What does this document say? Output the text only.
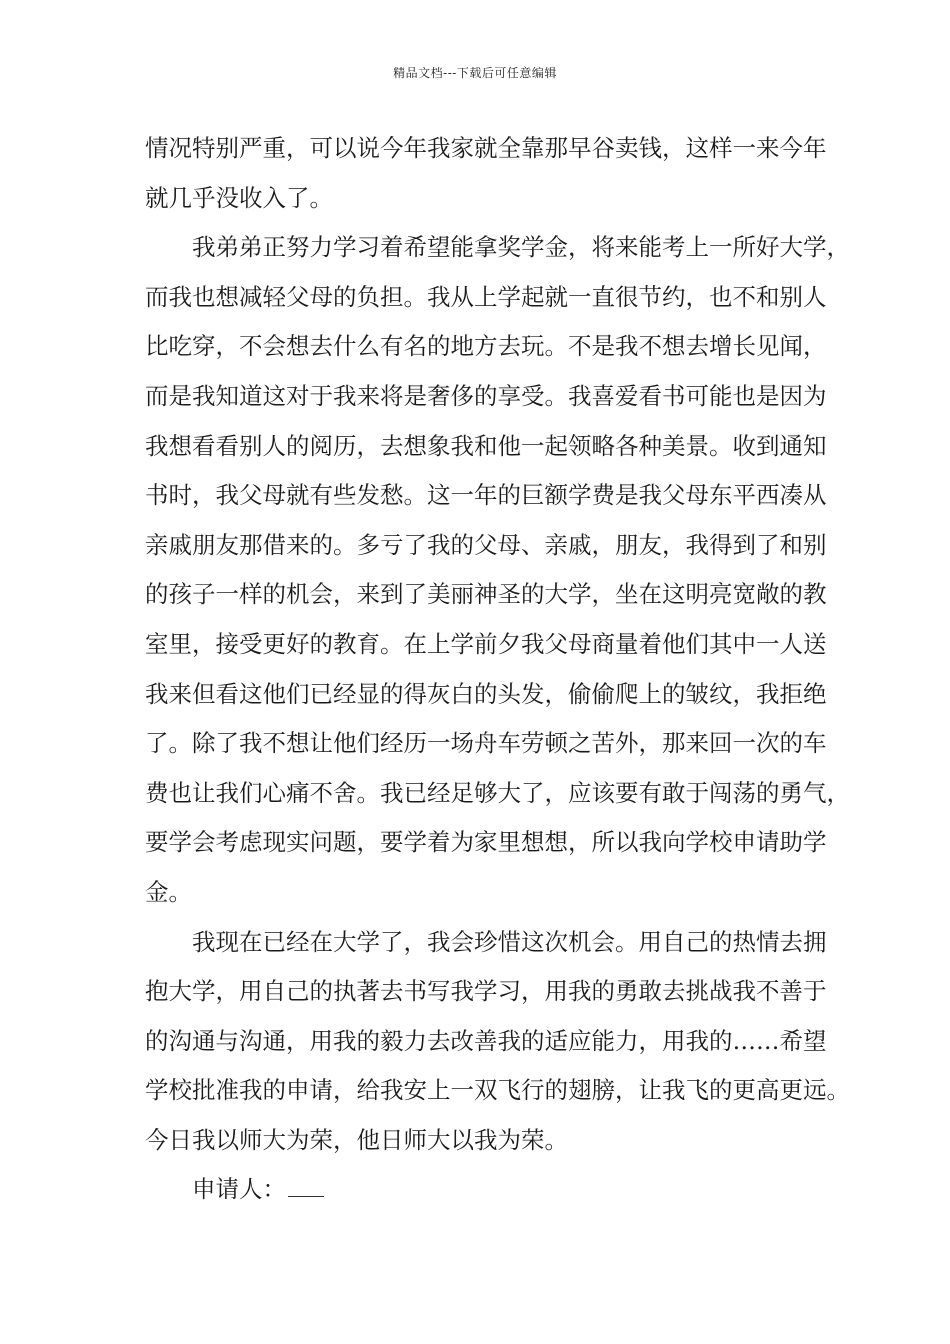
精品文档---下载后可任意编辑

情况特别严重，可以说今年我家就全靠那早谷卖钱，这样一来今年
就几乎没收入了。

我弟弟正努力学习着希望能拿奖学金，将来能考上一所好大学，
而我也想减轻父母的负担。我从上学起就一直很节约，也不和别人
比吃穿，不会想去什么有名的地方去玩。不是我不想去增长见闻，
而是我知道这对于我来将是奢侈的享受。我喜爱看书可能也是因为
我想看看别人的阅历，去想象我和他一起领略各种美景。收到通知
书时，我父母就有些发愁。这一年的巨额学费是我父母东平西凑从
亲戚朋友那借来的。多亏了我的父母、亲戚，朋友，我得到了和别
的孩子一样的机会，来到了美丽神圣的大学，坐在这明亮宽敞的教
室里，接受更好的教育。在上学前夕我父母商量着他们其中一人送
我来但看这他们已经显的得灰白的头发，偷偷爬上的皱纹，我拒绝
了。除了我不想让他们经历一场舟车劳顿之苦外，那来回一次的车
费也让我们心痛不舍。我已经足够大了，应该要有敢于闯荡的勇气，
要学会考虑现实问题，要学着为家里想想，所以我向学校申请助学
金。

我现在已经在大学了，我会珍惜这次机会。用自己的热情去拥
抱大学，用自己的执著去书写我学习，用我的勇敢去挑战我不善于
的沟通与沟通，用我的毅力去改善我的适应能力，用我的……希望
学校批准我的申请，给我安上一双飞行的翅膀，让我飞的更高更远。
今日我以师大为荣，他日师大以我为荣。

申请人：
